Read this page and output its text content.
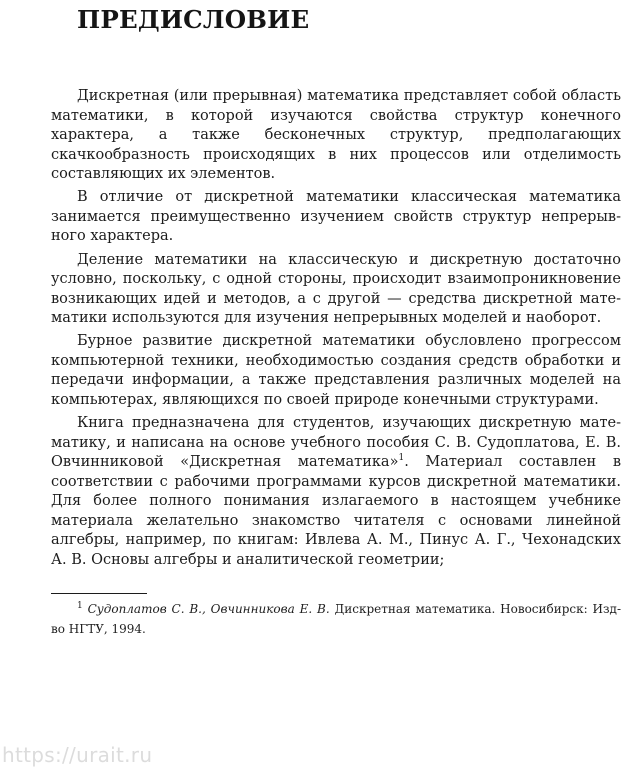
ПРЕДИСЛОВИЕ

Дискретная (или прерывная) математика представляет собой область математики, в которой изучаются свойства структур конечного характера, а также бесконечных структур, предполагающих скачкообразность происходящих в них процессов или отделимость составляющих их элементов.

В отличие от дискретной математики классическая математика занимается преимущественно изучением свойств структур непрерывного характера.

Деление математики на классическую и дискретную достаточно условно, поскольку, с одной стороны, происходит взаимопроникновение возникающих идей и методов, а с другой — средства дискретной математики используются для изучения непрерывных моделей и наоборот.

Бурное развитие дискретной математики обусловлено прогрессом компьютерной техники, необходимостью создания средств обработки и передачи информации, а также представления различных моделей на компьютерах, являющихся по своей природе конечными структурами.

Книга предназначена для студентов, изучающих дискретную математику, и написана на основе учебного пособия С. В. Судоплатова, Е. В. Овчинниковой «Дискретная математика»$^1$. Материал составлен в соответствии с рабочими программами курсов дискретной математики. Для более полного понимания излагаемого в настоящем учебнике материала желательно знакомство читателя с основами линейной алгебры, например, по книгам: Ивлева А. М., Пинус А. Г., Чехонадских А. В. Основы алгебры и аналитической геометрии;

$^1$ Судоплатов С. В., Овчинникова Е. В. Дискретная математика. Новосибирск: Изд-во НГТУ, 1994.

https://urait.ru
